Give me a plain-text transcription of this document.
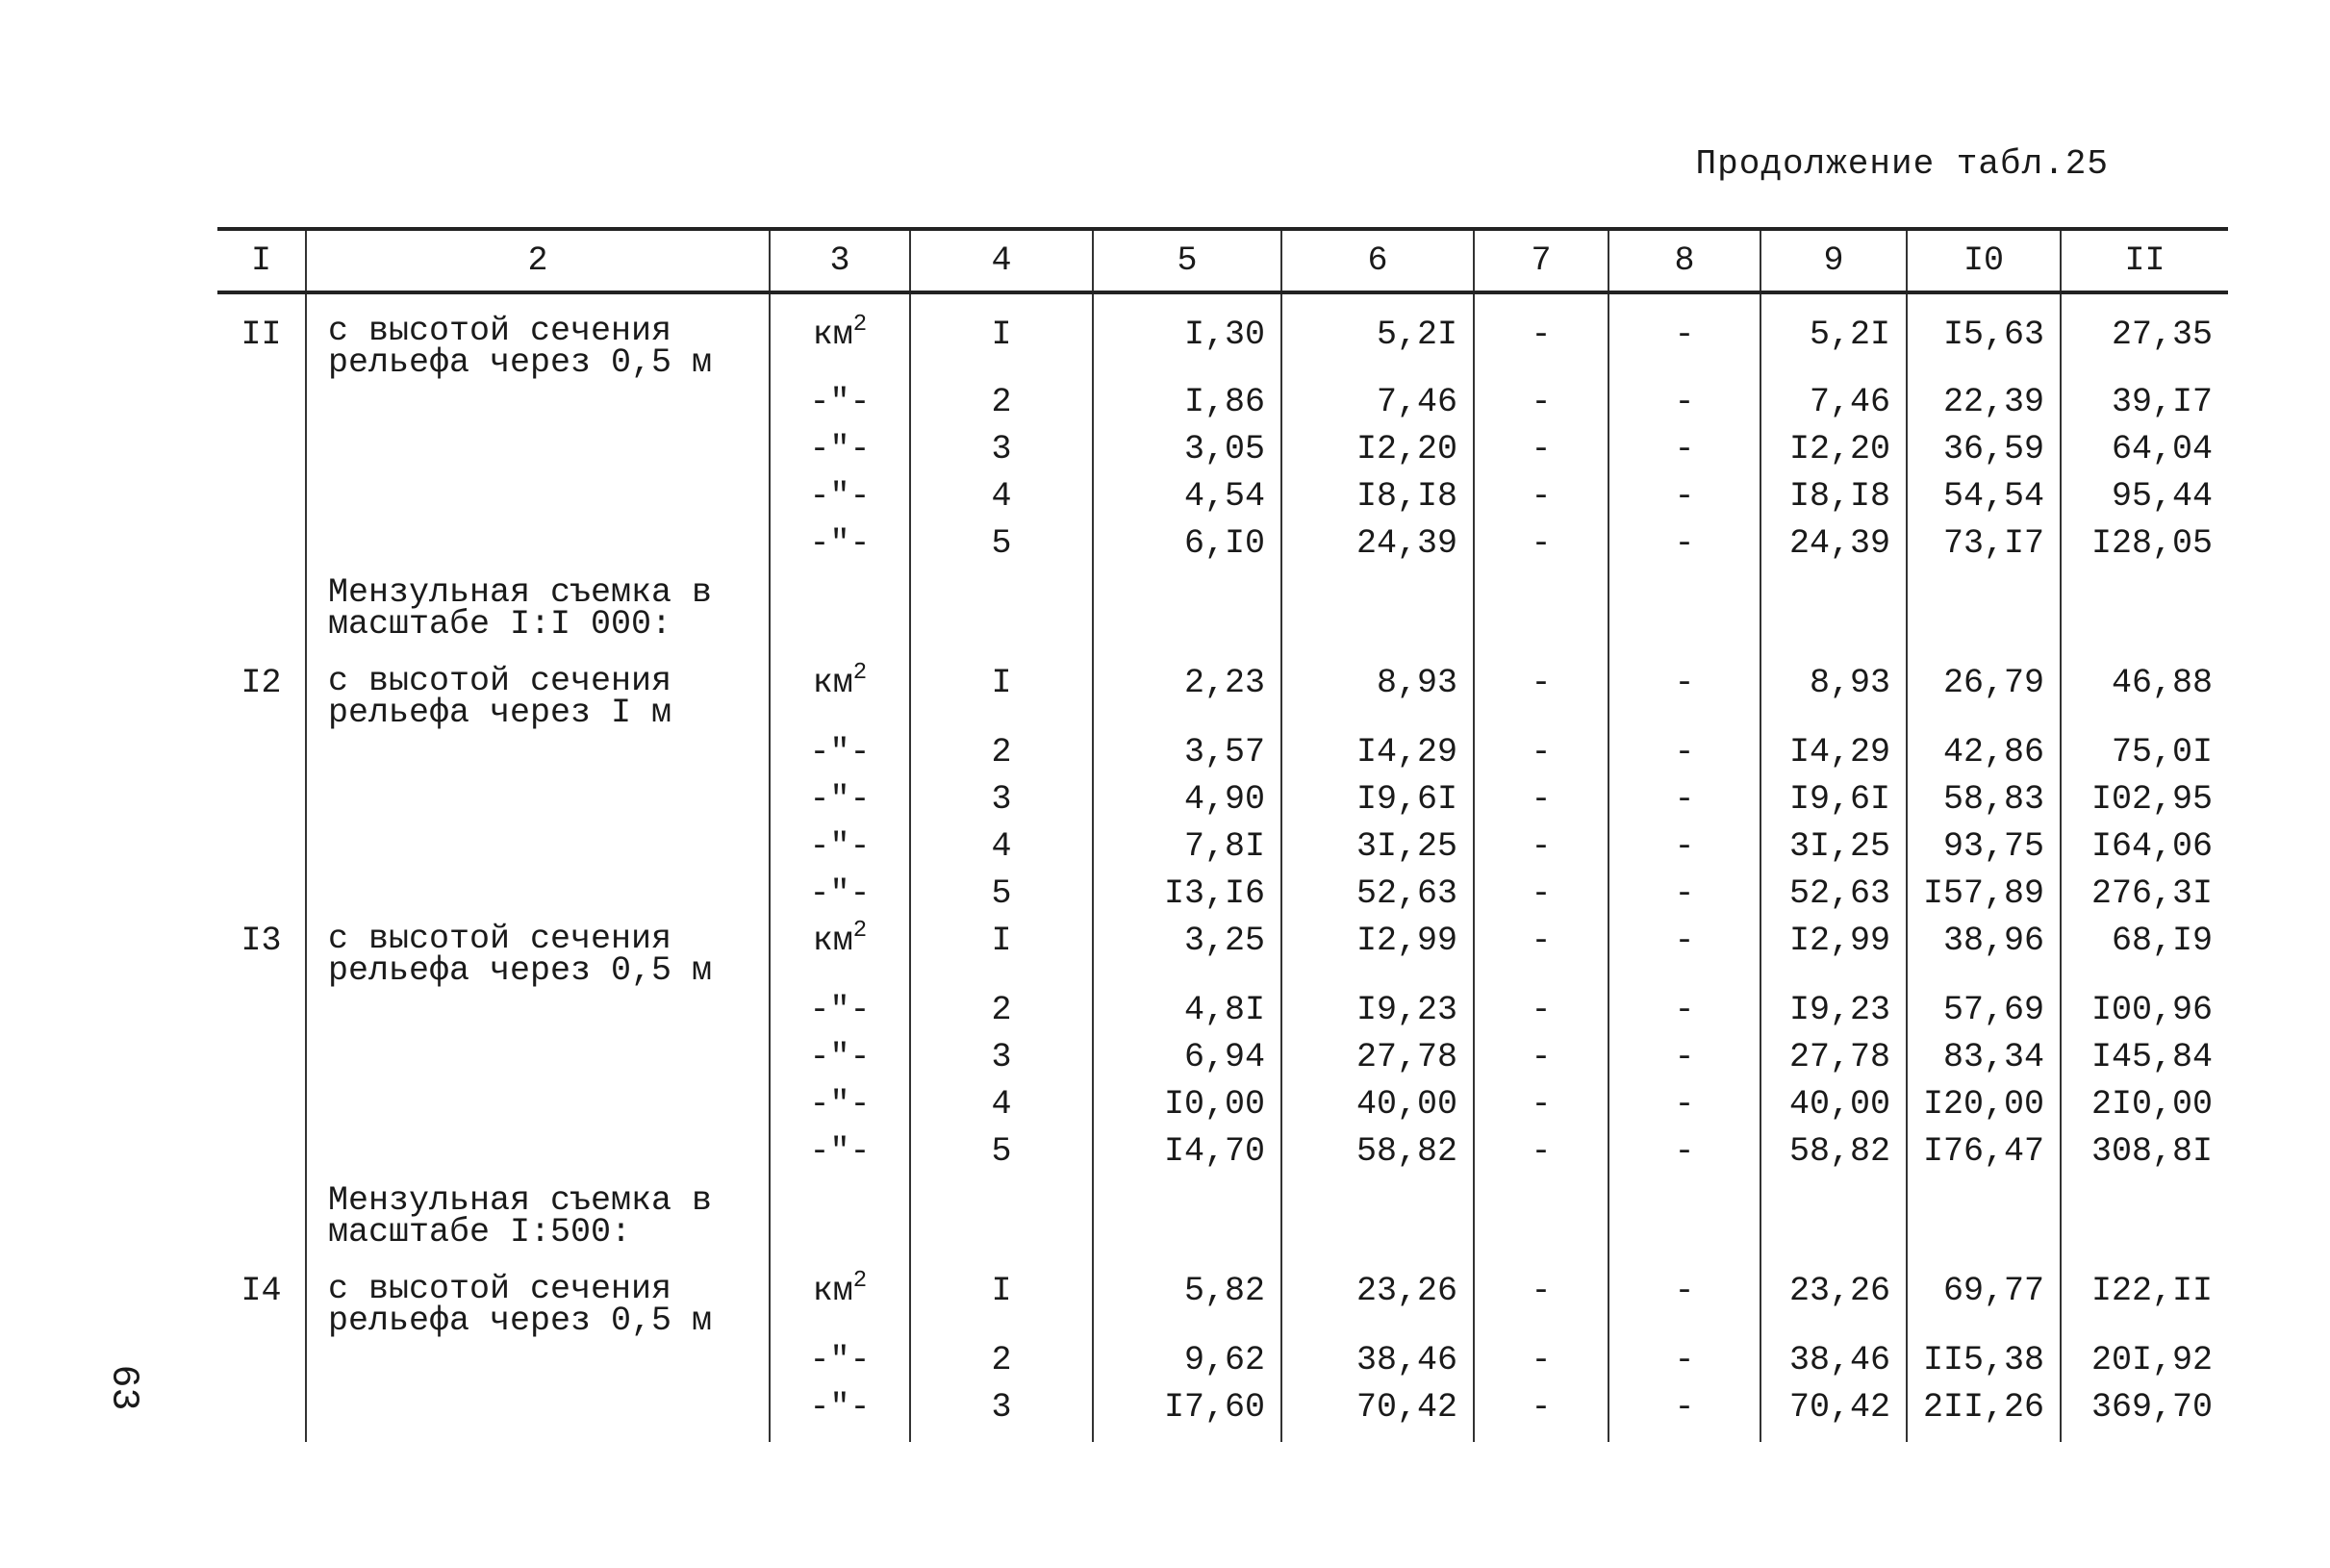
Продолжение табл.25
63
I	2	3	4	5	6	7	8	9	I0	II
II	с высотой сечения рельефа через 0,5 м	$км^2$	I	I,30	5,2I	-	-	5,2I	I5,63	27,35
		-"-	2	I,86	7,46	-	-	7,46	22,39	39,I7
		-"-	3	3,05	I2,20	-	-	I2,20	36,59	64,04
		-"-	4	4,54	I8,I8	-	-	I8,I8	54,54	95,44
		-"-	5	6,I0	24,39	-	-	24,39	73,I7	I28,05

	Мензульная съемка в масштабе I:I 000:									

I2	с высотой сечения рельефа через I м	$км^2$	I	2,23	8,93	-	-	8,93	26,79	46,88
		-"-	2	3,57	I4,29	-	-	I4,29	42,86	75,0I
		-"-	3	4,90	I9,6I	-	-	I9,6I	58,83	I02,95
		-"-	4	7,8I	3I,25	-	-	3I,25	93,75	I64,06
		-"-	5	I3,I6	52,63	-	-	52,63	I57,89	276,3I
I3	с высотой сечения рельефа через 0,5 м	$км^2$	I	3,25	I2,99	-	-	I2,99	38,96	68,I9
		-"-	2	4,8I	I9,23	-	-	I9,23	57,69	I00,96
		-"-	3	6,94	27,78	-	-	27,78	83,34	I45,84
		-"-	4	I0,00	40,00	-	-	40,00	I20,00	2I0,00
		-"-	5	I4,70	58,82	-	-	58,82	I76,47	308,8I

	Мензульная съемка в масштабе I:500:									

I4	с высотой сечения рельефа через 0,5 м	$км^2$	I	5,82	23,26	-	-	23,26	69,77	I22,II
		-"-	2	9,62	38,46	-	-	38,46	II5,38	20I,92
		-"-	3	I7,60	70,42	-	-	70,42	2II,26	369,70
